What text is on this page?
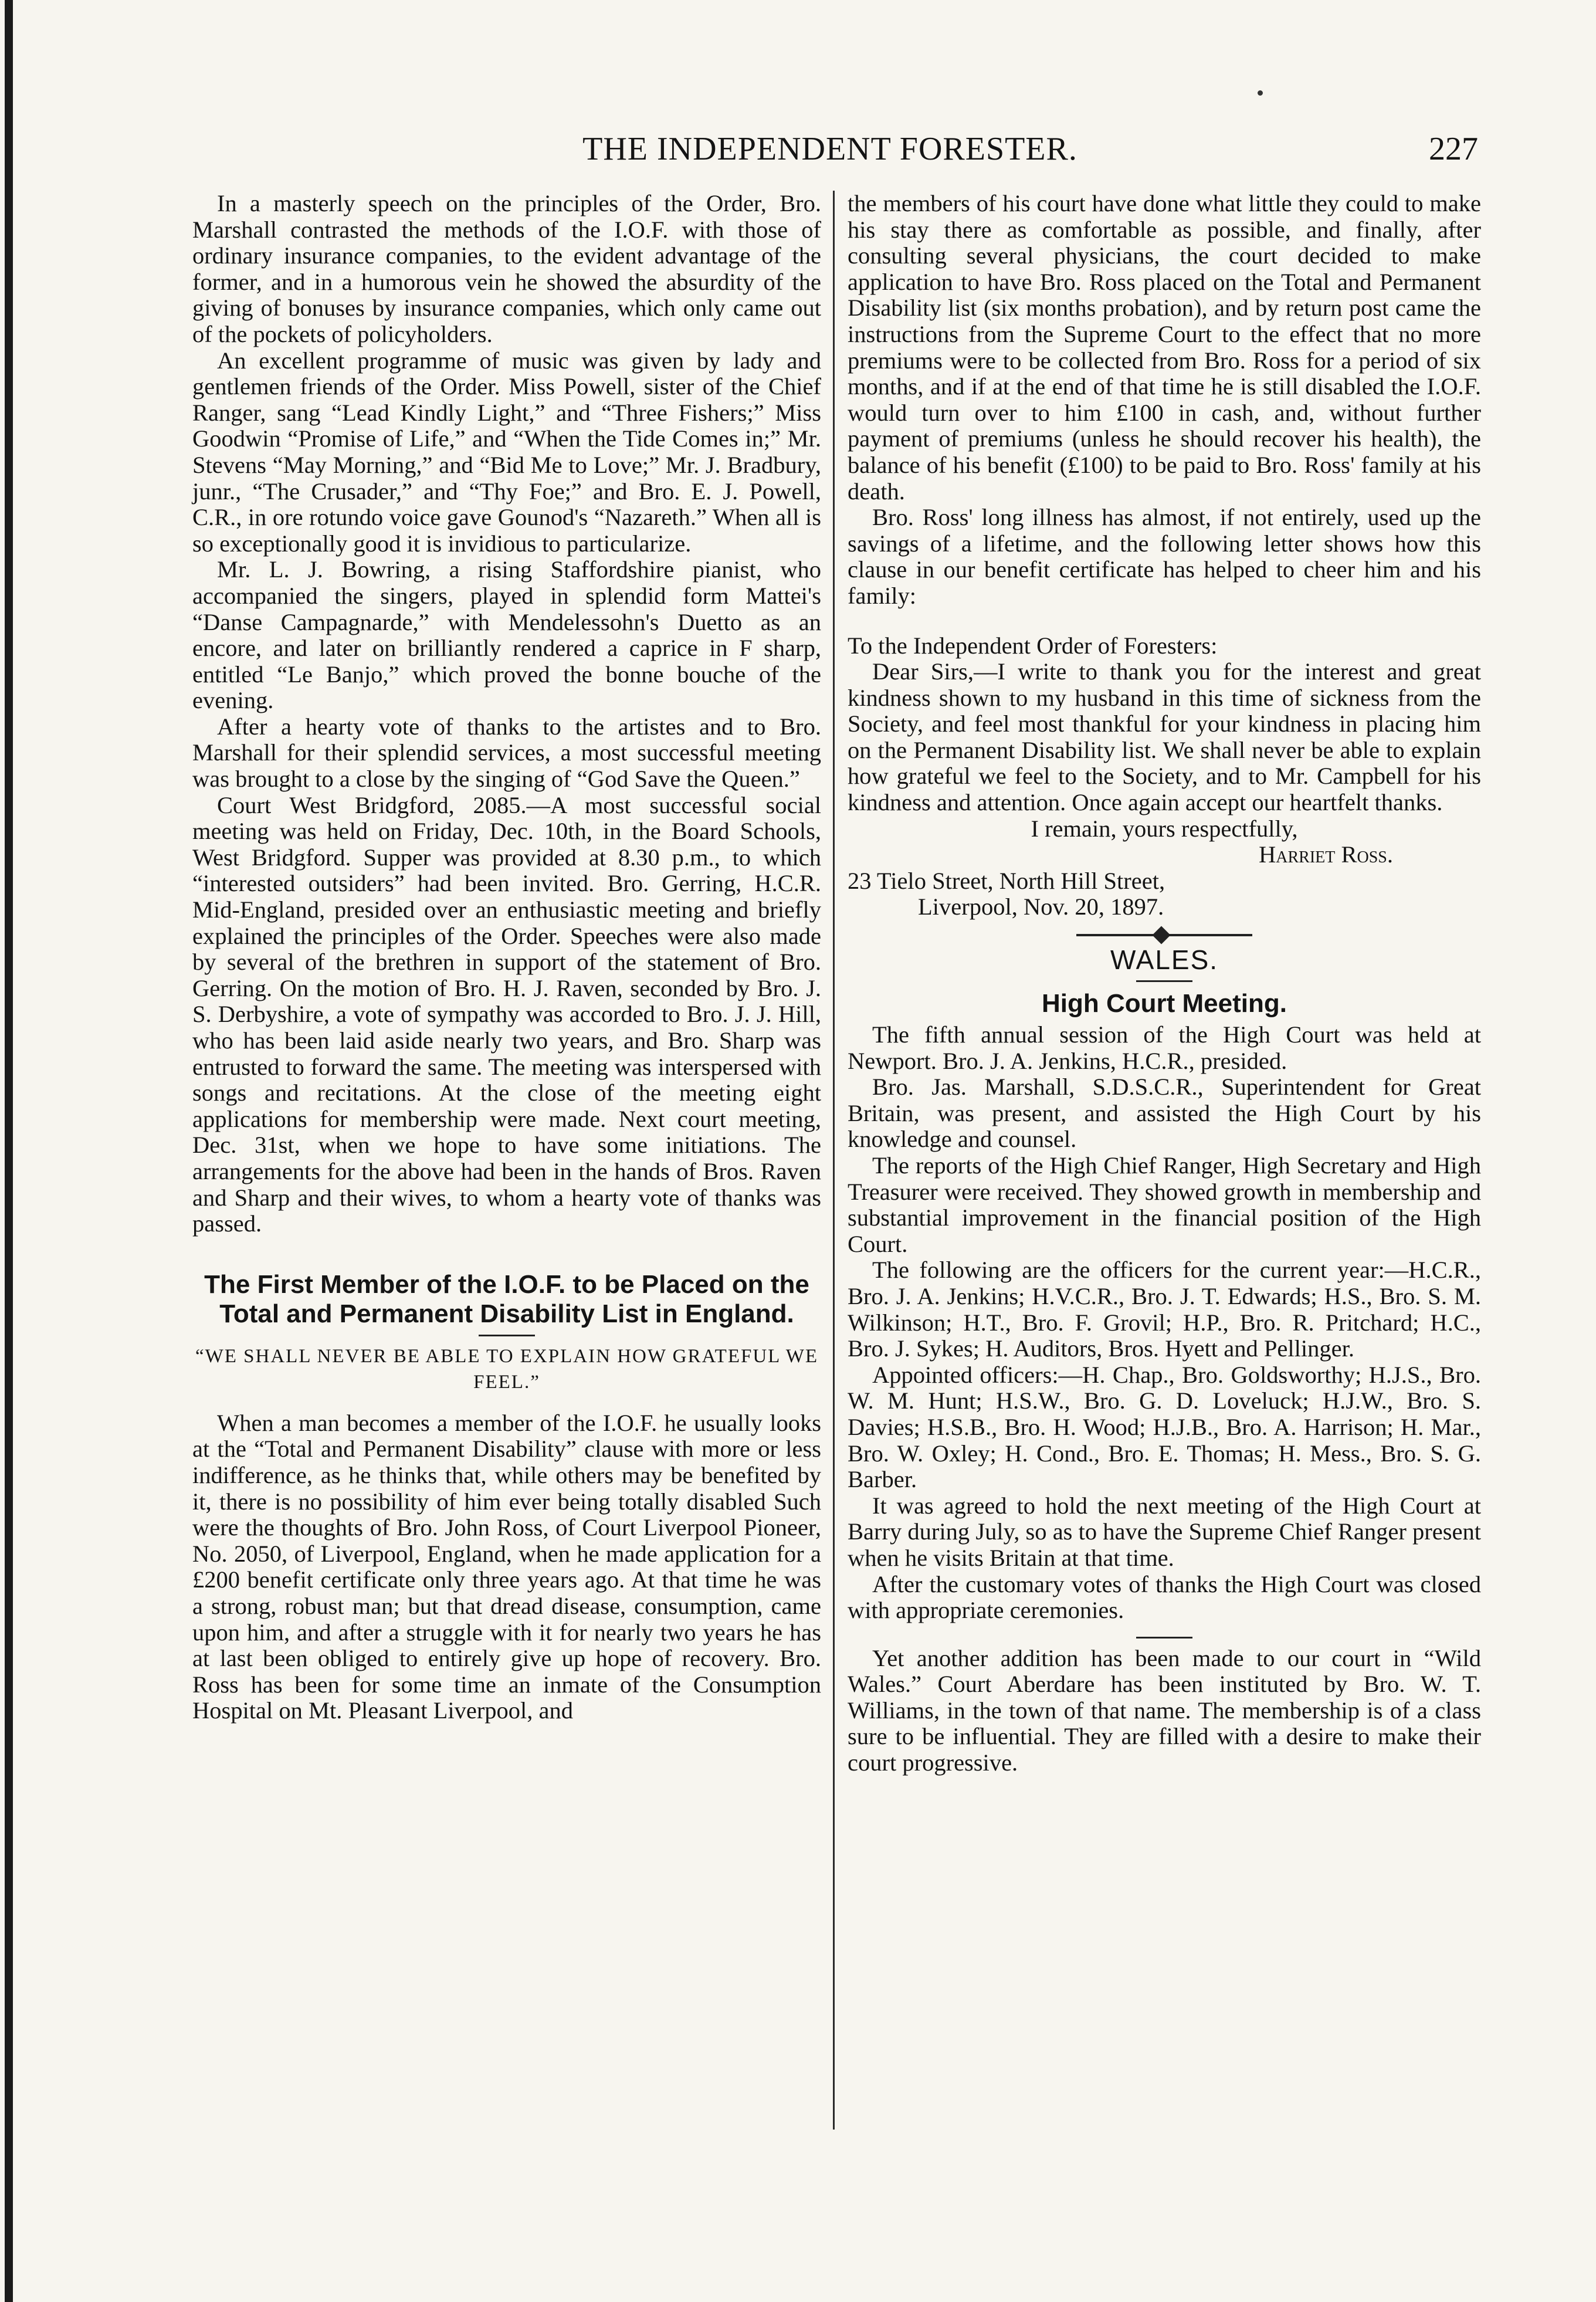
THE INDEPENDENT FORESTER.	227

In a masterly speech on the principles of the Order, Bro. Marshall contrasted the methods of the I.O.F. with those of ordinary insurance companies, to the evident advantage of the former, and in a humorous vein he showed the absurdity of the giving of bonuses by insurance companies, which only came out of the pockets of policyholders.

An excellent programme of music was given by lady and gentlemen friends of the Order. Miss Powell, sister of the Chief Ranger, sang “Lead Kindly Light,” and “Three Fishers;” Miss Goodwin “Promise of Life,” and “When the Tide Comes in;” Mr. Stevens “May Morning,” and “Bid Me to Love;” Mr. J. Bradbury, junr., “The Crusader,” and “Thy Foe;” and Bro. E. J. Powell, C.R., in ore rotundo voice gave Gounod's “Nazareth.” When all is so exceptionally good it is invidious to particularize.

Mr. L. J. Bowring, a rising Staffordshire pianist, who accompanied the singers, played in splendid form Mattei's “Danse Campagnarde,” with Mendelessohn's Duetto as an encore, and later on brilliantly rendered a caprice in F sharp, entitled “Le Banjo,” which proved the bonne bouche of the evening.

After a hearty vote of thanks to the artistes and to Bro. Marshall for their splendid services, a most successful meeting was brought to a close by the singing of “God Save the Queen.”

Court West Bridgford, 2085.—A most successful social meeting was held on Friday, Dec. 10th, in the Board Schools, West Bridgford. Supper was provided at 8.30 p.m., to which “interested outsiders” had been invited. Bro. Gerring, H.C.R. Mid-England, presided over an enthusiastic meeting and briefly explained the principles of the Order. Speeches were also made by several of the brethren in support of the statement of Bro. Gerring. On the motion of Bro. H. J. Raven, seconded by Bro. J. S. Derbyshire, a vote of sympathy was accorded to Bro. J. J. Hill, who has been laid aside nearly two years, and Bro. Sharp was entrusted to forward the same. The meeting was interspersed with songs and recitations. At the close of the meeting eight applications for membership were made. Next court meeting, Dec. 31st, when we hope to have some initiations. The arrangements for the above had been in the hands of Bros. Raven and Sharp and their wives, to whom a hearty vote of thanks was passed.

The First Member of the I.O.F. to be Placed on the Total and Permanent Disability List in England.
“WE SHALL NEVER BE ABLE TO EXPLAIN HOW GRATEFUL WE FEEL.”

When a man becomes a member of the I.O.F. he usually looks at the “Total and Permanent Disability” clause with more or less indifference, as he thinks that, while others may be benefited by it, there is no possibility of him ever being totally disabled Such were the thoughts of Bro. John Ross, of Court Liverpool Pioneer, No. 2050, of Liverpool, England, when he made application for a £200 benefit certificate only three years ago. At that time he was a strong, robust man; but that dread disease, consumption, came upon him, and after a struggle with it for nearly two years he has at last been obliged to entirely give up hope of recovery. Bro. Ross has been for some time an inmate of the Consumption Hospital on Mt. Pleasant Liverpool, and

the members of his court have done what little they could to make his stay there as comfortable as possible, and finally, after consulting several physicians, the court decided to make application to have Bro. Ross placed on the Total and Permanent Disability list (six months probation), and by return post came the instructions from the Supreme Court to the effect that no more premiums were to be collected from Bro. Ross for a period of six months, and if at the end of that time he is still disabled the I.O.F. would turn over to him £100 in cash, and, without further payment of premiums (unless he should recover his health), the balance of his benefit (£100) to be paid to Bro. Ross' family at his death.

Bro. Ross' long illness has almost, if not entirely, used up the savings of a lifetime, and the following letter shows how this clause in our benefit certificate has helped to cheer him and his family:

To the Independent Order of Foresters:

Dear Sirs,—I write to thank you for the interest and great kindness shown to my husband in this time of sickness from the Society, and feel most thankful for your kindness in placing him on the Permanent Disability list. We shall never be able to explain how grateful we feel to the Society, and to Mr. Campbell for his kindness and attention. Once again accept our heartfelt thanks.

I remain, yours respectfully,

Harriet Ross.

23 Tielo Street, North Hill Street,

Liverpool, Nov. 20, 1897.

WALES.
High Court Meeting.

The fifth annual session of the High Court was held at Newport. Bro. J. A. Jenkins, H.C.R., presided.

Bro. Jas. Marshall, S.D.S.C.R., Superintendent for Great Britain, was present, and assisted the High Court by his knowledge and counsel.

The reports of the High Chief Ranger, High Secretary and High Treasurer were received. They showed growth in membership and substantial improvement in the financial position of the High Court.

The following are the officers for the current year:—H.C.R., Bro. J. A. Jenkins; H.V.C.R., Bro. J. T. Edwards; H.S., Bro. S. M. Wilkinson; H.T., Bro. F. Grovil; H.P., Bro. R. Pritchard; H.C., Bro. J. Sykes; H. Auditors, Bros. Hyett and Pellinger.

Appointed officers:—H. Chap., Bro. Goldsworthy; H.J.S., Bro. W. M. Hunt; H.S.W., Bro. G. D. Loveluck; H.J.W., Bro. S. Davies; H.S.B., Bro. H. Wood; H.J.B., Bro. A. Harrison; H. Mar., Bro. W. Oxley; H. Cond., Bro. E. Thomas; H. Mess., Bro. S. G. Barber.

It was agreed to hold the next meeting of the High Court at Barry during July, so as to have the Supreme Chief Ranger present when he visits Britain at that time.

After the customary votes of thanks the High Court was closed with appropriate ceremonies.

Yet another addition has been made to our court in “Wild Wales.” Court Aberdare has been instituted by Bro. W. T. Williams, in the town of that name. The membership is of a class sure to be influential. They are filled with a desire to make their court progressive.
